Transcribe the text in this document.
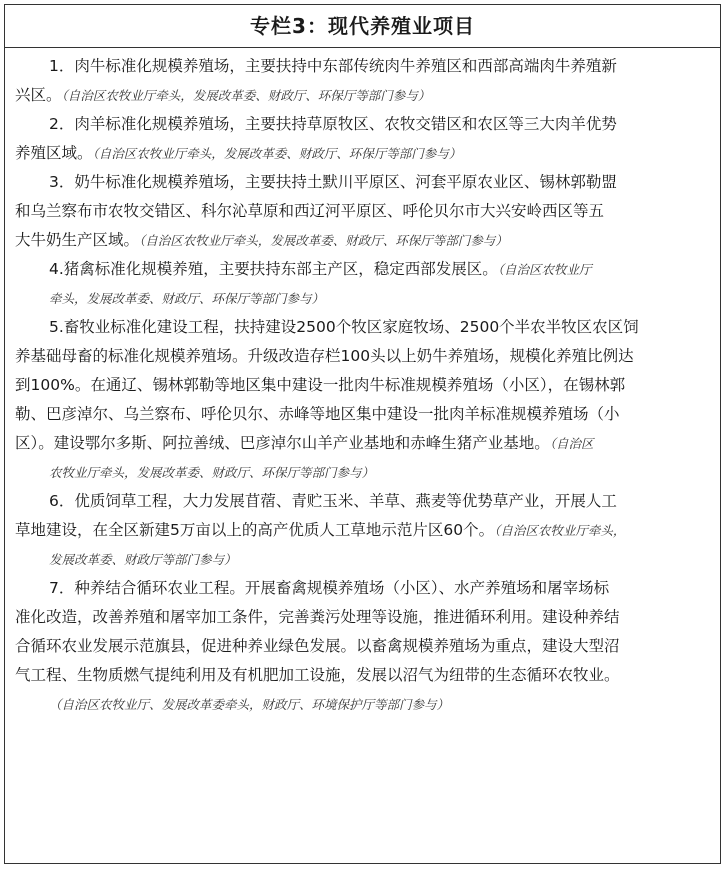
专栏3：现代养殖业项目
1．肉牛标准化规模养殖场，主要扶持中东部传统肉牛养殖区和西部高端肉牛养殖新
兴区。（自治区农牧业厅牵头，发展改革委、财政厅、环保厅等部门参与）
2．肉羊标准化规模养殖场，主要扶持草原牧区、农牧交错区和农区等三大肉羊优势
养殖区域。（自治区农牧业厅牵头，发展改革委、财政厅、环保厅等部门参与）
3．奶牛标准化规模养殖场，主要扶持土默川平原区、河套平原农业区、锡林郭勒盟
和乌兰察布市农牧交错区、科尔沁草原和西辽河平原区、呼伦贝尔市大兴安岭西区等五
大牛奶生产区域。（自治区农牧业厅牵头，发展改革委、财政厅、环保厅等部门参与）
4.猪禽标准化规模养殖，主要扶持东部主产区，稳定西部发展区。（自治区农牧业厅
牵头，发展改革委、财政厅、环保厅等部门参与）
5.畜牧业标准化建设工程，扶持建设2500个牧区家庭牧场、2500个半农半牧区农区饲
养基础母畜的标准化规模养殖场。升级改造存栏100头以上奶牛养殖场，规模化养殖比例达
到100%。在通辽、锡林郭勒等地区集中建设一批肉牛标准规模养殖场（小区），在锡林郭
勒、巴彦淖尔、乌兰察布、呼伦贝尔、赤峰等地区集中建设一批肉羊标准规模养殖场（小
区）。建设鄂尔多斯、阿拉善绒、巴彦淖尔山羊产业基地和赤峰生猪产业基地。（自治区
农牧业厅牵头，发展改革委、财政厅、环保厅等部门参与）
6．优质饲草工程，大力发展苜蓿、青贮玉米、羊草、燕麦等优势草产业，开展人工
草地建设，在全区新建5万亩以上的高产优质人工草地示范片区60个。（自治区农牧业厅牵头，
发展改革委、财政厅等部门参与）
7．种养结合循环农业工程。开展畜禽规模养殖场（小区）、水产养殖场和屠宰场标
准化改造，改善养殖和屠宰加工条件，完善粪污处理等设施，推进循环利用。建设种养结
合循环农业发展示范旗县，促进种养业绿色发展。以畜禽规模养殖场为重点，建设大型沼
气工程、生物质燃气提纯利用及有机肥加工设施，发展以沼气为纽带的生态循环农牧业。
（自治区农牧业厅、发展改革委牵头，财政厅、环境保护厅等部门参与）
